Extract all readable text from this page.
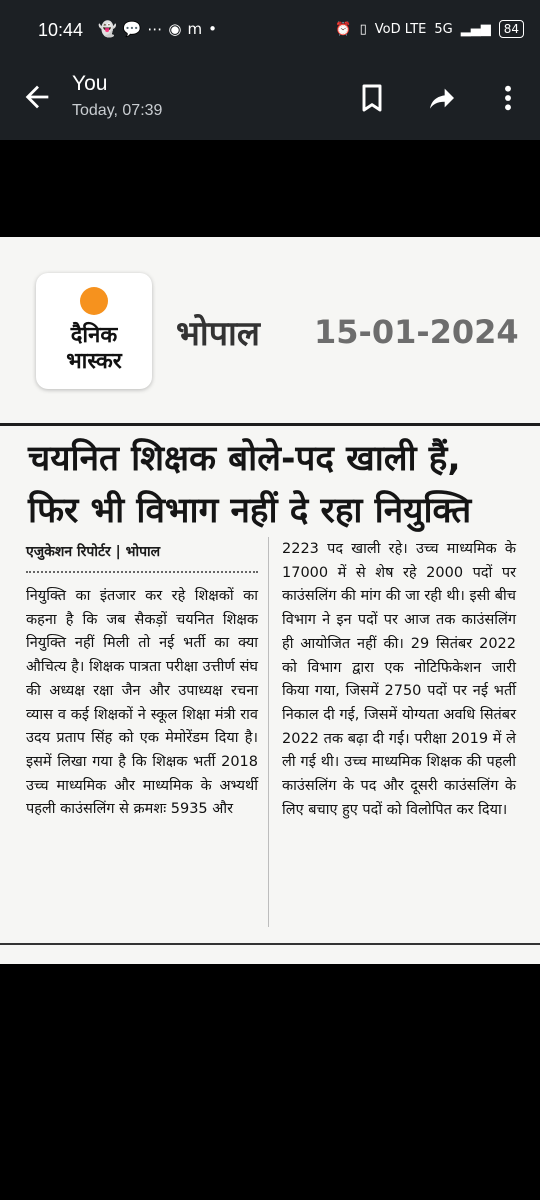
10:44 👻💬⋯◉m•	⏰ ▯ VoD LTE 5G ▂▄▆	84
You
Today, 07:39
दैनिक
भास्कर
भोपाल 15-01-2024
चयनित शिक्षक बोले-पद खाली हैं, फिर भी विभाग नहीं दे रहा नियुक्ति
एजुकेशन रिपोर्टर | भोपाल
नियुक्ति का इंतजार कर रहे शिक्षकों का कहना है कि जब सैकड़ों चयनित शिक्षक नियुक्ति नहीं मिली तो नई भर्ती का क्या औचित्य है। शिक्षक पात्रता परीक्षा उत्तीर्ण संघ की अध्यक्ष रक्षा जैन और उपाध्यक्ष रचना व्यास व कई शिक्षकों ने स्कूल शिक्षा मंत्री राव उदय प्रताप सिंह को एक मेमोरेंडम दिया है। इसमें लिखा गया है कि शिक्षक भर्ती 2018 उच्च माध्यमिक और माध्यमिक के अभ्यर्थी पहली काउंसलिंग से क्रमशः 5935 और
2223 पद खाली रहे। उच्च माध्यमिक के 17000 में से शेष रहे 2000 पदों पर काउंसलिंग की मांग की जा रही थी। इसी बीच विभाग ने इन पदों पर आज तक काउंसलिंग ही आयोजित नहीं की। 29 सितंबर 2022 को विभाग द्वारा एक नोटिफिकेशन जारी किया गया, जिसमें 2750 पदों पर नई भर्ती निकाल दी गई, जिसमें योग्यता अवधि सितंबर 2022 तक बढ़ा दी गई। परीक्षा 2019 में ले ली गई थी। उच्च माध्यमिक शिक्षक की पहली काउंसलिंग के पद और दूसरी काउंसलिंग के लिए बचाए हुए पदों को विलोपित कर दिया।
